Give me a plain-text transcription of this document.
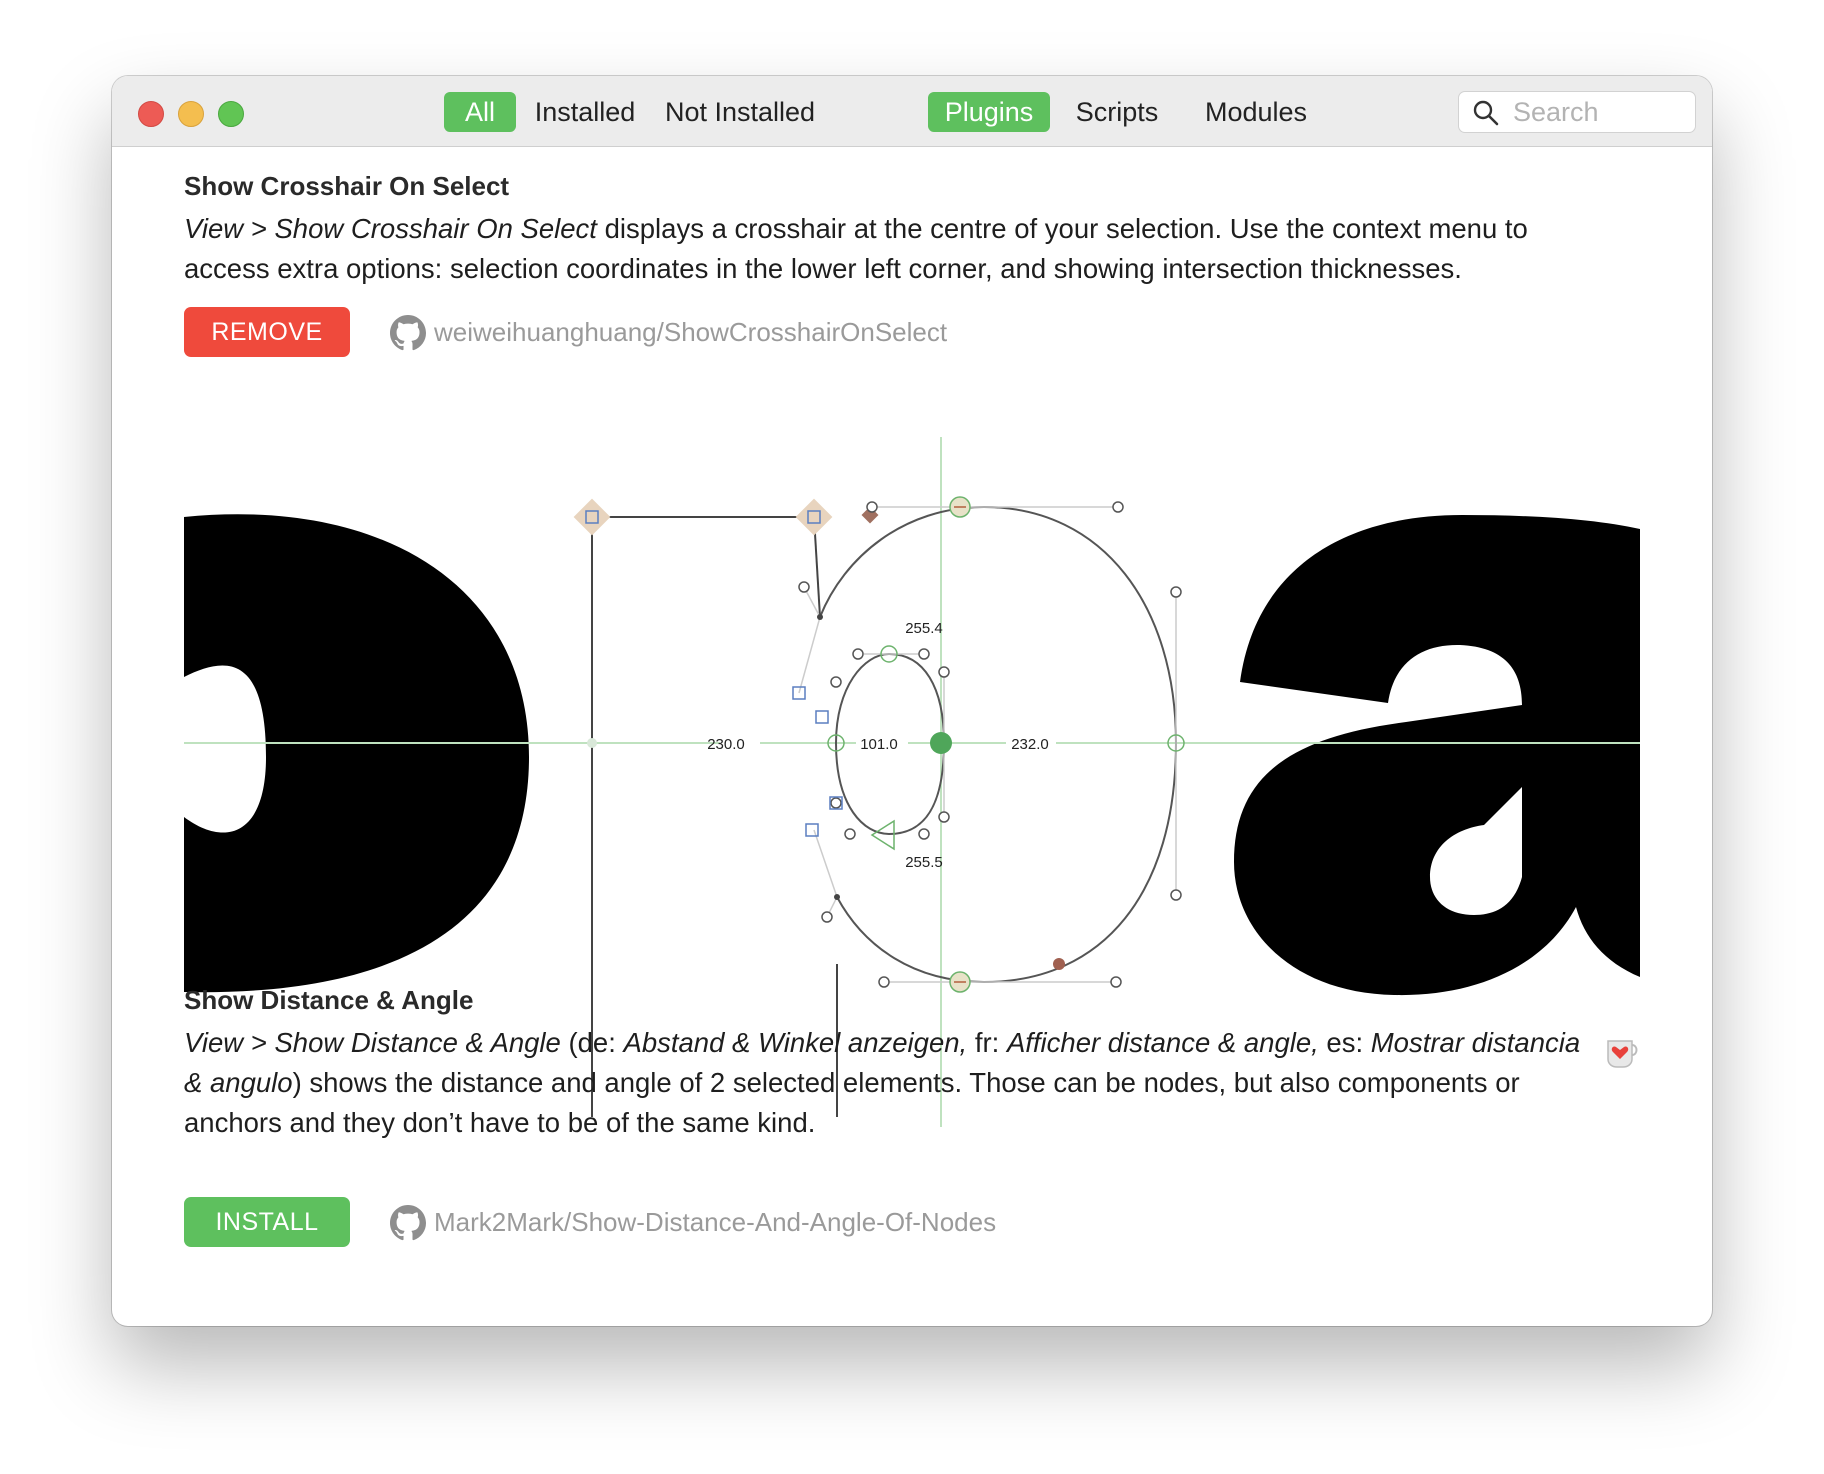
All	Installed Not Installed	Plugins	Scripts	Modules	Search
Show Crosshair On Select
View > Show Crosshair On Select displays a crosshair at the centre of your selection. Use the context menu to access extra options: selection coordinates in the lower left corner, and showing intersection thicknesses.
REMOVE	weiweihuanghuang/ShowCrosshairOnSelect
255.4
230.0	101.0	232.0
255.5
Show Distance & Angle
View > Show Distance & Angle (de: Abstand & Winkel anzeigen, fr: Afficher distance & angle, es: Mostrar distancia & angulo) shows the distance and angle of 2 selected elements. Those can be nodes, but also components or anchors and they don’t have to be of the same kind.
INSTALL	Mark2Mark/Show-Distance-And-Angle-Of-Nodes
